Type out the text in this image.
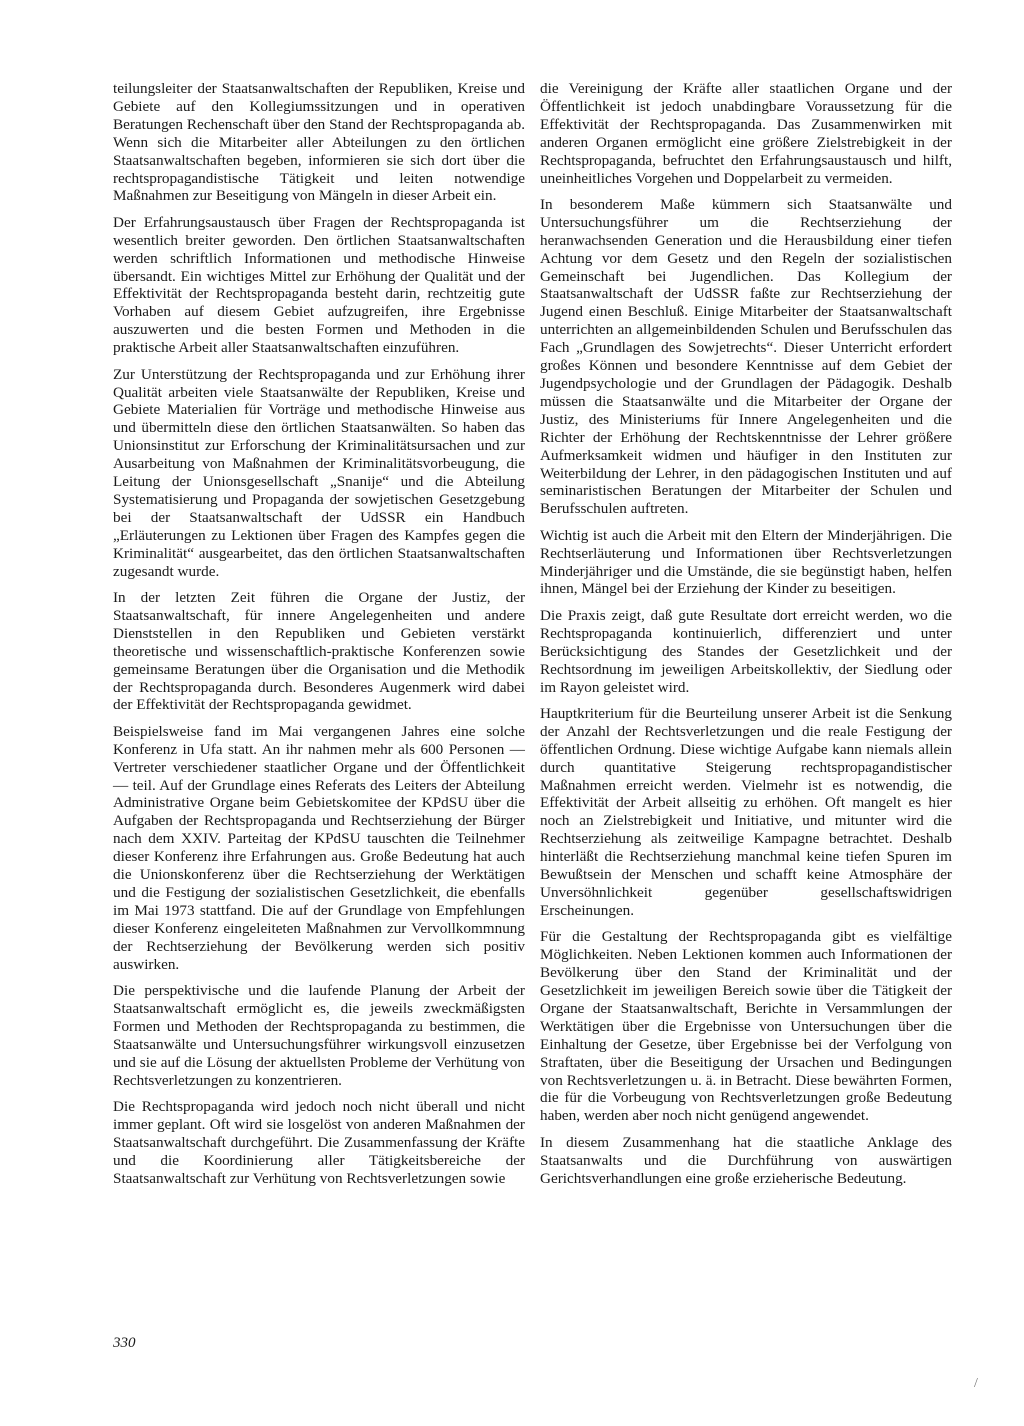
teilungsleiter der Staatsanwaltschaften der Republiken, Kreise und Gebiete auf den Kollegiumssitzungen und in operativen Beratungen Rechenschaft über den Stand der Rechtspropaganda ab. Wenn sich die Mitarbeiter aller Abteilungen zu den örtlichen Staatsanwaltschaften begeben, informieren sie sich dort über die rechtspropagandistische Tätigkeit und leiten notwendige Maßnahmen zur Beseitigung von Mängeln in dieser Arbeit ein.

Der Erfahrungsaustausch über Fragen der Rechtspropaganda ist wesentlich breiter geworden. Den örtlichen Staatsanwaltschaften werden schriftlich Informationen und methodische Hinweise übersandt. Ein wichtiges Mittel zur Erhöhung der Qualität und der Effektivität der Rechtspropaganda besteht darin, rechtzeitig gute Vorhaben auf diesem Gebiet aufzugreifen, ihre Ergebnisse auszuwerten und die besten Formen und Methoden in die praktische Arbeit aller Staatsanwaltschaften einzuführen.

Zur Unterstützung der Rechtspropaganda und zur Erhöhung ihrer Qualität arbeiten viele Staatsanwälte der Republiken, Kreise und Gebiete Materialien für Vorträge und methodische Hinweise aus und übermitteln diese den örtlichen Staatsanwälten. So haben das Unionsinstitut zur Erforschung der Kriminalitätsursachen und zur Ausarbeitung von Maßnahmen der Kriminalitätsvorbeugung, die Leitung der Unionsgesellschaft „Snanije“ und die Abteilung Systematisierung und Propaganda der sowjetischen Gesetzgebung bei der Staatsanwaltschaft der UdSSR ein Handbuch „Erläuterungen zu Lektionen über Fragen des Kampfes gegen die Kriminalität“ ausgearbeitet, das den örtlichen Staatsanwaltschaften zugesandt wurde.

In der letzten Zeit führen die Organe der Justiz, der Staatsanwaltschaft, für innere Angelegenheiten und andere Dienststellen in den Republiken und Gebieten verstärkt theoretische und wissenschaftlich-praktische Konferenzen sowie gemeinsame Beratungen über die Organisation und die Methodik der Rechtspropaganda durch. Besonderes Augenmerk wird dabei der Effektivität der Rechtspropaganda gewidmet.

Beispielsweise fand im Mai vergangenen Jahres eine solche Konferenz in Ufa statt. An ihr nahmen mehr als 600 Personen — Vertreter verschiedener staatlicher Organe und der Öffentlichkeit — teil. Auf der Grundlage eines Referats des Leiters der Abteilung Administrative Organe beim Gebietskomitee der KPdSU über die Aufgaben der Rechtspropaganda und Rechtserziehung der Bürger nach dem XXIV. Parteitag der KPdSU tauschten die Teilnehmer dieser Konferenz ihre Erfahrungen aus. Große Bedeutung hat auch die Unionskonferenz über die Rechtserziehung der Werktätigen und die Festigung der sozialistischen Gesetzlichkeit, die ebenfalls im Mai 1973 stattfand. Die auf der Grundlage von Empfehlungen dieser Konferenz eingeleiteten Maßnahmen zur Vervollkommnung der Rechtserziehung der Bevölkerung werden sich positiv auswirken.

Die perspektivische und die laufende Planung der Arbeit der Staatsanwaltschaft ermöglicht es, die jeweils zweckmäßigsten Formen und Methoden der Rechtspropaganda zu bestimmen, die Staatsanwälte und Untersuchungsführer wirkungsvoll einzusetzen und sie auf die Lösung der aktuellsten Probleme der Verhütung von Rechtsverletzungen zu konzentrieren.

Die Rechtspropaganda wird jedoch noch nicht überall und nicht immer geplant. Oft wird sie losgelöst von anderen Maßnahmen der Staatsanwaltschaft durchgeführt. Die Zusammenfassung der Kräfte und die Koordinierung aller Tätigkeitsbereiche der Staatsanwaltschaft zur Verhütung von Rechtsverletzungen sowie

die Vereinigung der Kräfte aller staatlichen Organe und der Öffentlichkeit ist jedoch unabdingbare Voraussetzung für die Effektivität der Rechtspropaganda. Das Zusammenwirken mit anderen Organen ermöglicht eine größere Zielstrebigkeit in der Rechtspropaganda, befruchtet den Erfahrungsaustausch und hilft, uneinheitliches Vorgehen und Doppelarbeit zu vermeiden.

In besonderem Maße kümmern sich Staatsanwälte und Untersuchungsführer um die Rechtserziehung der heranwachsenden Generation und die Herausbildung einer tiefen Achtung vor dem Gesetz und den Regeln der sozialistischen Gemeinschaft bei Jugendlichen. Das Kollegium der Staatsanwaltschaft der UdSSR faßte zur Rechtserziehung der Jugend einen Beschluß. Einige Mitarbeiter der Staatsanwaltschaft unterrichten an allgemeinbildenden Schulen und Berufsschulen das Fach „Grundlagen des Sowjetrechts“. Dieser Unterricht erfordert großes Können und besondere Kenntnisse auf dem Gebiet der Jugendpsychologie und der Grundlagen der Pädagogik. Deshalb müssen die Staatsanwälte und die Mitarbeiter der Organe der Justiz, des Ministeriums für Innere Angelegenheiten und die Richter der Erhöhung der Rechtskenntnisse der Lehrer größere Aufmerksamkeit widmen und häufiger in den Instituten zur Weiterbildung der Lehrer, in den pädagogischen Instituten und auf seminaristischen Beratungen der Mitarbeiter der Schulen und Berufsschulen auftreten.

Wichtig ist auch die Arbeit mit den Eltern der Minderjährigen. Die Rechtserläuterung und Informationen über Rechtsverletzungen Minderjähriger und die Umstände, die sie begünstigt haben, helfen ihnen, Mängel bei der Erziehung der Kinder zu beseitigen.

Die Praxis zeigt, daß gute Resultate dort erreicht werden, wo die Rechtspropaganda kontinuierlich, differenziert und unter Berücksichtigung des Standes der Gesetzlichkeit und der Rechtsordnung im jeweiligen Arbeitskollektiv, der Siedlung oder im Rayon geleistet wird.

Hauptkriterium für die Beurteilung unserer Arbeit ist die Senkung der Anzahl der Rechtsverletzungen und die reale Festigung der öffentlichen Ordnung. Diese wichtige Aufgabe kann niemals allein durch quantitative Steigerung rechtspropagandistischer Maßnahmen erreicht werden. Vielmehr ist es notwendig, die Effektivität der Arbeit allseitig zu erhöhen. Oft mangelt es hier noch an Zielstrebigkeit und Initiative, und mitunter wird die Rechtserziehung als zeitweilige Kampagne betrachtet. Deshalb hinterläßt die Rechtserziehung manchmal keine tiefen Spuren im Bewußtsein der Menschen und schafft keine Atmosphäre der Unversöhnlichkeit gegenüber gesellschaftswidrigen Erscheinungen.

Für die Gestaltung der Rechtspropaganda gibt es vielfältige Möglichkeiten. Neben Lektionen kommen auch Informationen der Bevölkerung über den Stand der Kriminalität und der Gesetzlichkeit im jeweiligen Bereich sowie über die Tätigkeit der Organe der Staatsanwaltschaft, Berichte in Versammlungen der Werktätigen über die Ergebnisse von Untersuchungen über die Einhaltung der Gesetze, über Ergebnisse bei der Verfolgung von Straftaten, über die Beseitigung der Ursachen und Bedingungen von Rechtsverletzungen u. ä. in Betracht. Diese bewährten Formen, die für die Vorbeugung von Rechtsverletzungen große Bedeutung haben, werden aber noch nicht genügend angewendet.

In diesem Zusammenhang hat die staatliche Anklage des Staatsanwalts und die Durchführung von auswärtigen Gerichtsverhandlungen eine große erzieherische Bedeutung.

330
/
